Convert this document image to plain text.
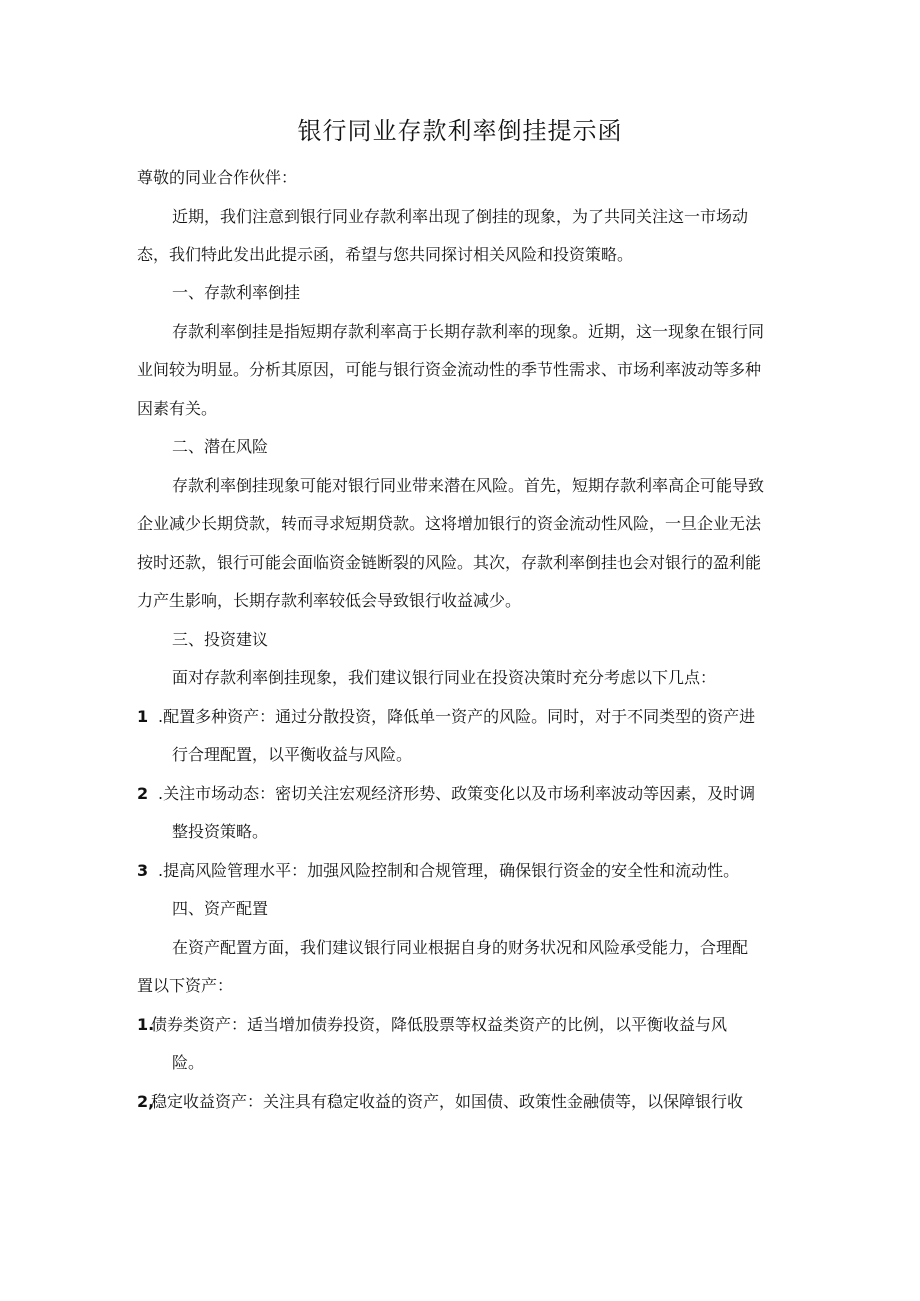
银行同业存款利率倒挂提示函
尊敬的同业合作伙伴：
近期，我们注意到银行同业存款利率出现了倒挂的现象，为了共同关注这一市场动
态，我们特此发出此提示函，希望与您共同探讨相关风险和投资策略。
一、存款利率倒挂
存款利率倒挂是指短期存款利率高于长期存款利率的现象。近期，这一现象在银行同
业间较为明显。分析其原因，可能与银行资金流动性的季节性需求、市场利率波动等多种
因素有关。
二、潜在风险
存款利率倒挂现象可能对银行同业带来潜在风险。首先，短期存款利率高企可能导致
企业减少长期贷款，转而寻求短期贷款。这将增加银行的资金流动性风险，一旦企业无法
按时还款，银行可能会面临资金链断裂的风险。其次，存款利率倒挂也会对银行的盈利能
力产生影响，长期存款利率较低会导致银行收益减少。
三、投资建议
面对存款利率倒挂现象，我们建议银行同业在投资决策时充分考虑以下几点：
1 .配置多种资产：通过分散投资，降低单一资产的风险。同时，对于不同类型的资产进
行合理配置，以平衡收益与风险。
2 .关注市场动态：密切关注宏观经济形势、政策变化以及市场利率波动等因素，及时调
整投资策略。
3 .提高风险管理水平：加强风险控制和合规管理，确保银行资金的安全性和流动性。
四、资产配置
在资产配置方面，我们建议银行同业根据自身的财务状况和风险承受能力，合理配
置以下资产：
1.
债券类资产：适当增加债券投资，降低股票等权益类资产的比例，以平衡收益与风
险。
2,
稳定收益资产：关注具有稳定收益的资产，如国债、政策性金融债等，以保障银行收
